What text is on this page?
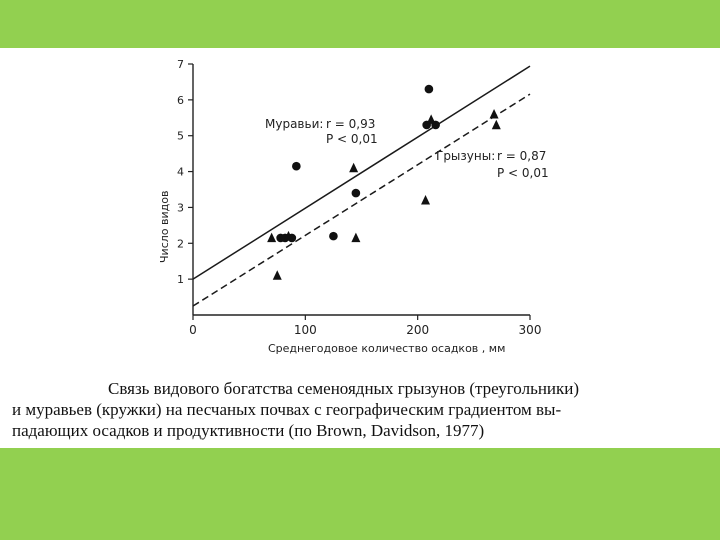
1
2
3
4
5
6
7
0	100	200	300
Среднегодовое количество осадков , мм
Число видов
Муравьи: r = 0,93
P < 0,01
Грызуны: r = 0,87
P < 0,01

Связь видового богатства семеноядных грызунов (треугольники)
и муравьев (кружки) на песчаных почвах с географическим градиентом вы-
падающих осадков и продуктивности (по Brown, Davidson, 1977)
